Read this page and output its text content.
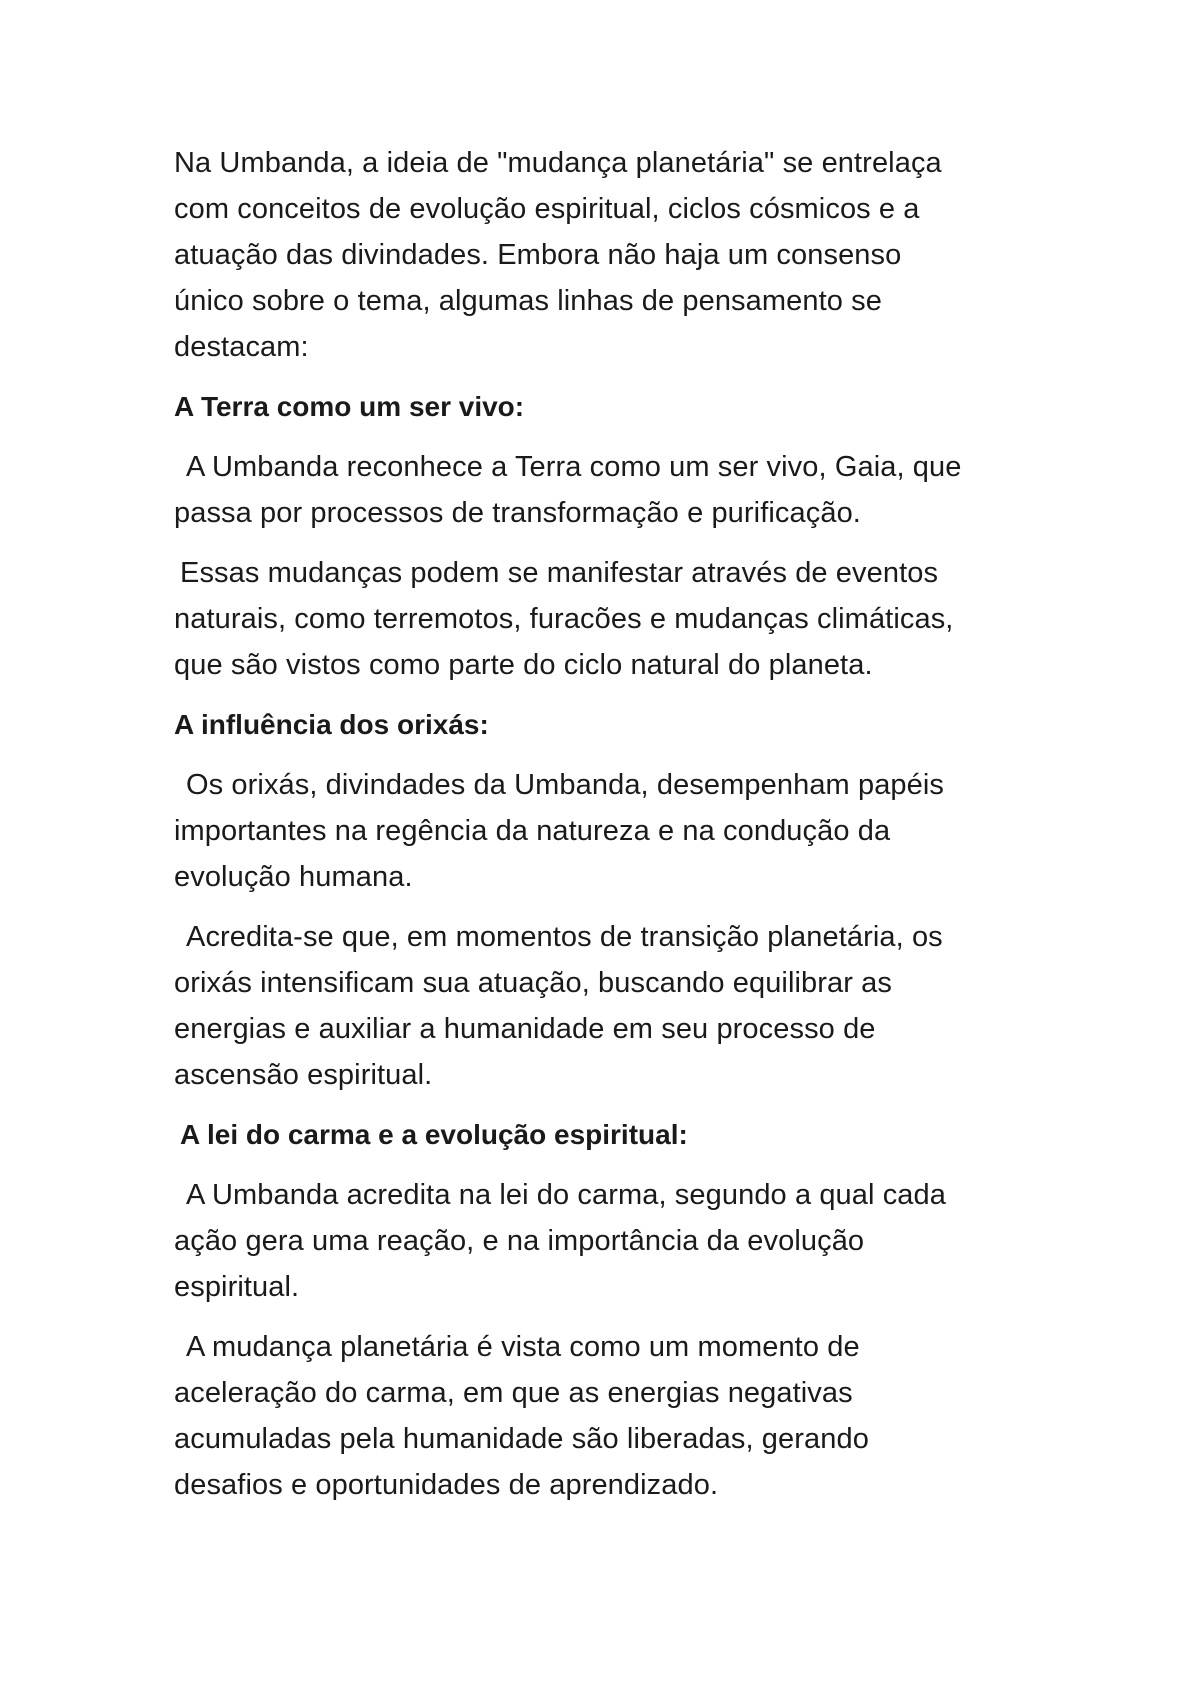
Na Umbanda, a ideia de "mudança planetária" se entrelaça
com conceitos de evolução espiritual, ciclos cósmicos e a
atuação das divindades. Embora não haja um consenso
único sobre o tema, algumas linhas de pensamento se
destacam:
A Terra como um ser vivo:
A Umbanda reconhece a Terra como um ser vivo, Gaia, que
passa por processos de transformação e purificação.
Essas mudanças podem se manifestar através de eventos
naturais, como terremotos, furacões e mudanças climáticas,
que são vistos como parte do ciclo natural do planeta.
A influência dos orixás:
Os orixás, divindades da Umbanda, desempenham papéis
importantes na regência da natureza e na condução da
evolução humana.
Acredita-se que, em momentos de transição planetária, os
orixás intensificam sua atuação, buscando equilibrar as
energias e auxiliar a humanidade em seu processo de
ascensão espiritual.
A lei do carma e a evolução espiritual:
A Umbanda acredita na lei do carma, segundo a qual cada
ação gera uma reação, e na importância da evolução
espiritual.
A mudança planetária é vista como um momento de
aceleração do carma, em que as energias negativas
acumuladas pela humanidade são liberadas, gerando
desafios e oportunidades de aprendizado.
